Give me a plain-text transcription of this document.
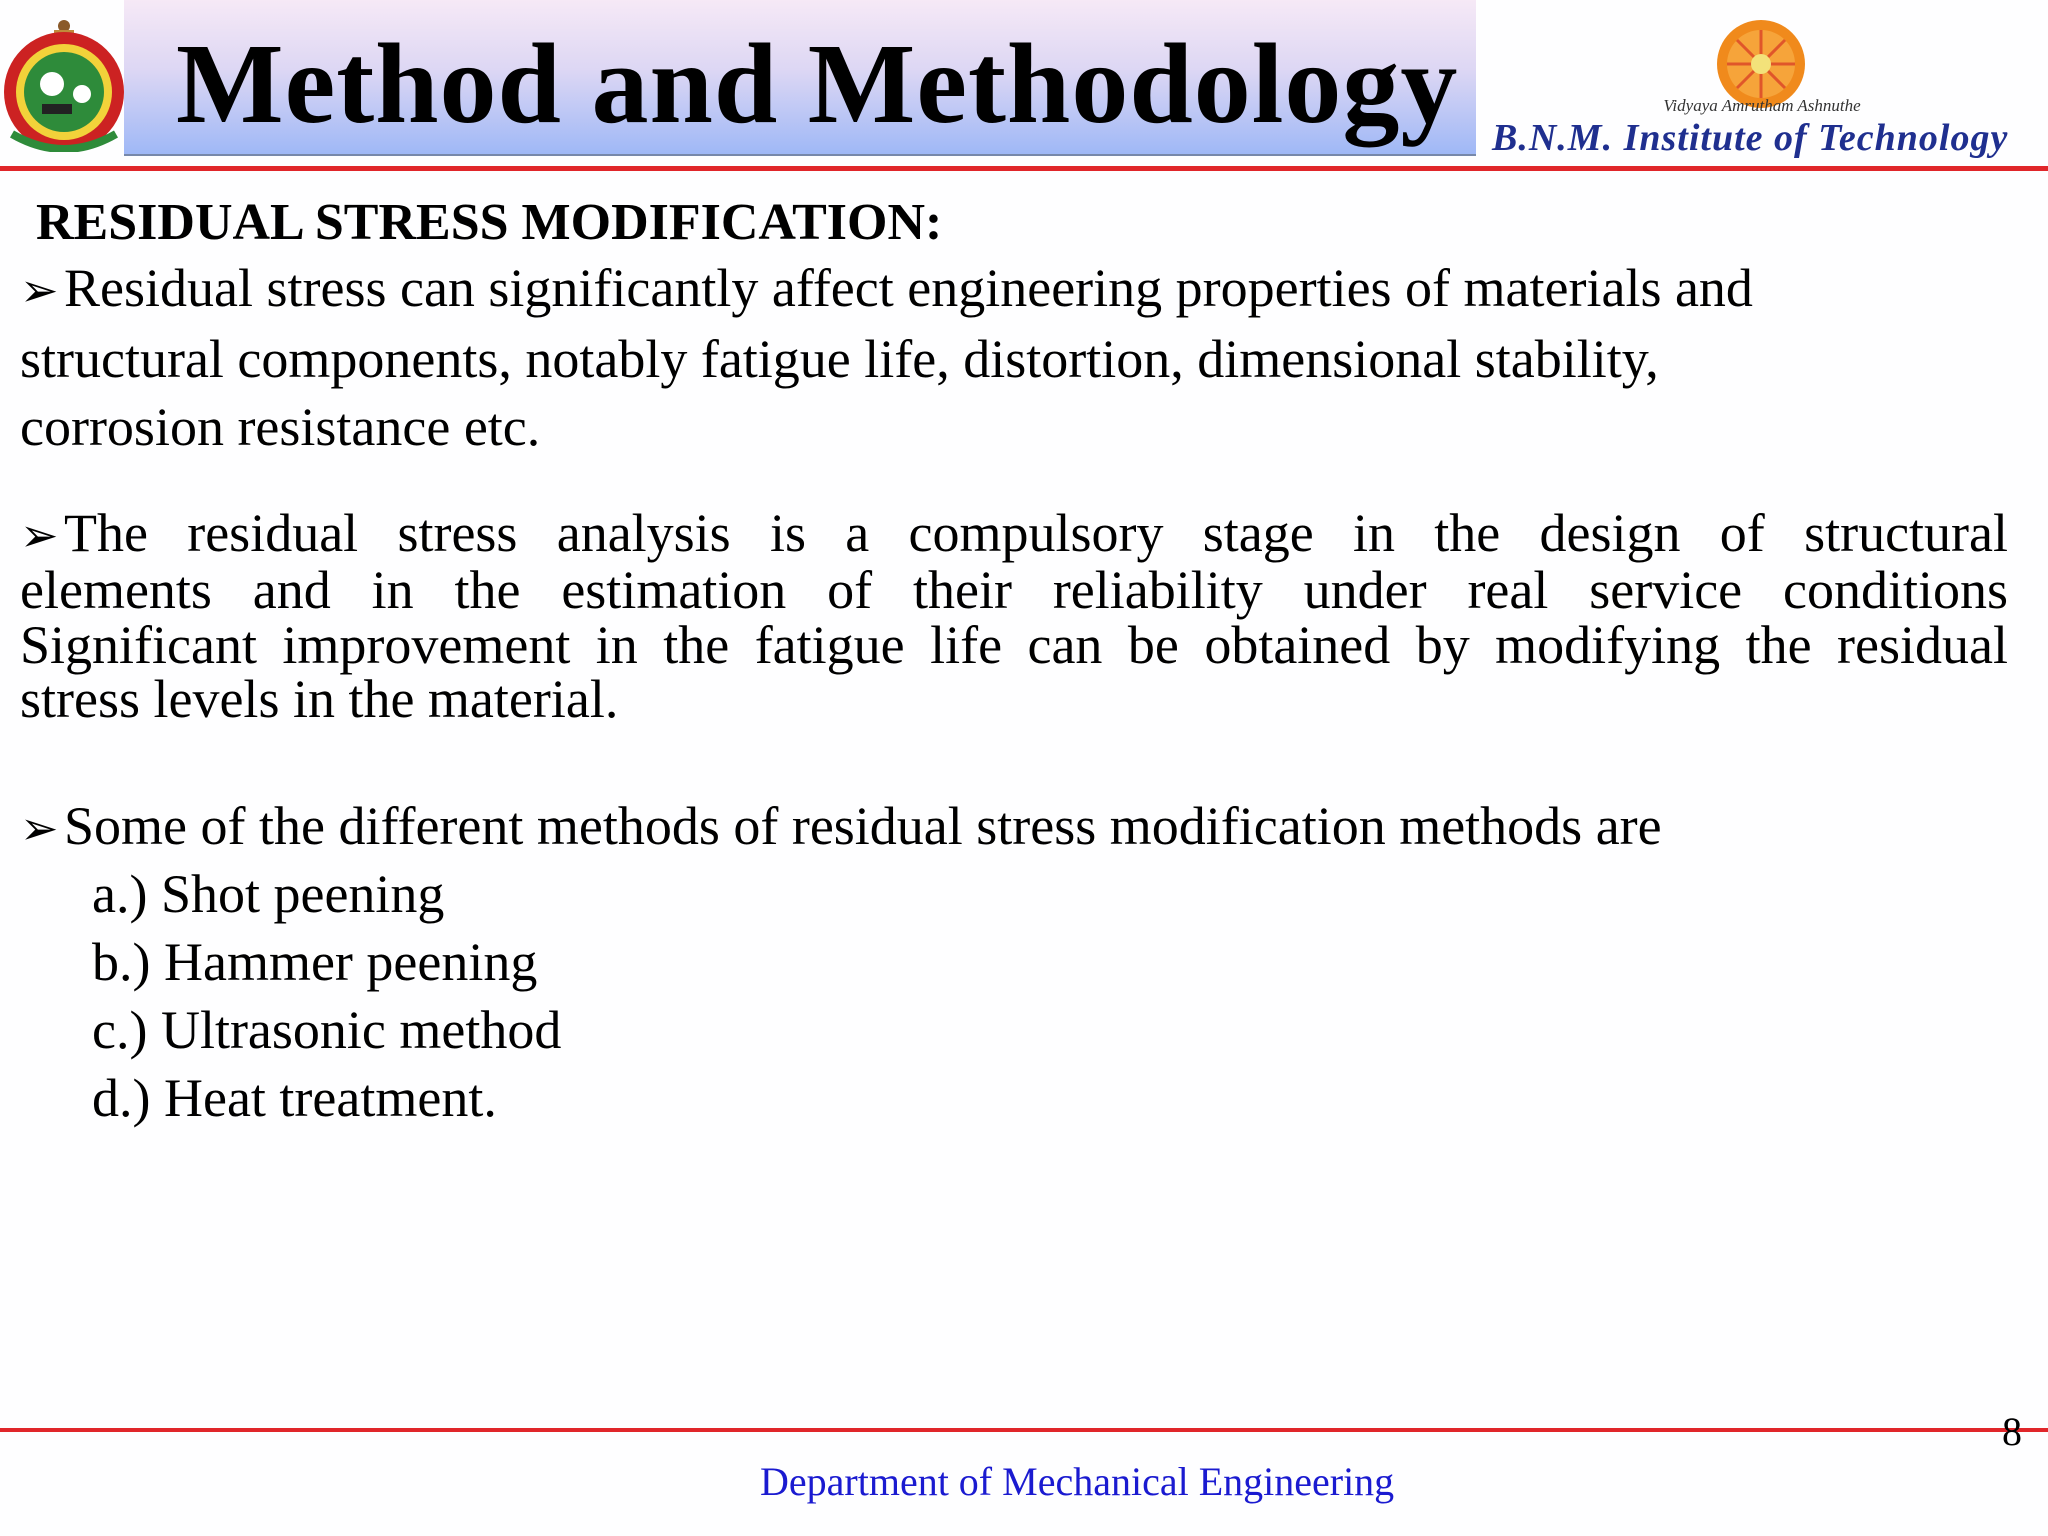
Method and Methodology	Vidyaya Amrutham Ashnuthe
B.N.M. Institute of Technology
RESIDUAL STRESS MODIFICATION:
➢ Residual stress can significantly affect engineering properties of materials and
structural components, notably fatigue life, distortion, dimensional stability,
corrosion resistance etc.
➢ The residual stress analysis is a compulsory stage in the design of structural
elements and in the estimation of their reliability under real service conditions
Significant improvement in the fatigue life can be obtained by modifying the residual
stress levels in the material.
➢ Some of the different methods of residual stress modification methods are
a.) Shot peening
b.) Hammer peening
c.) Ultrasonic method
d.) Heat treatment.
Department of Mechanical Engineering
8
